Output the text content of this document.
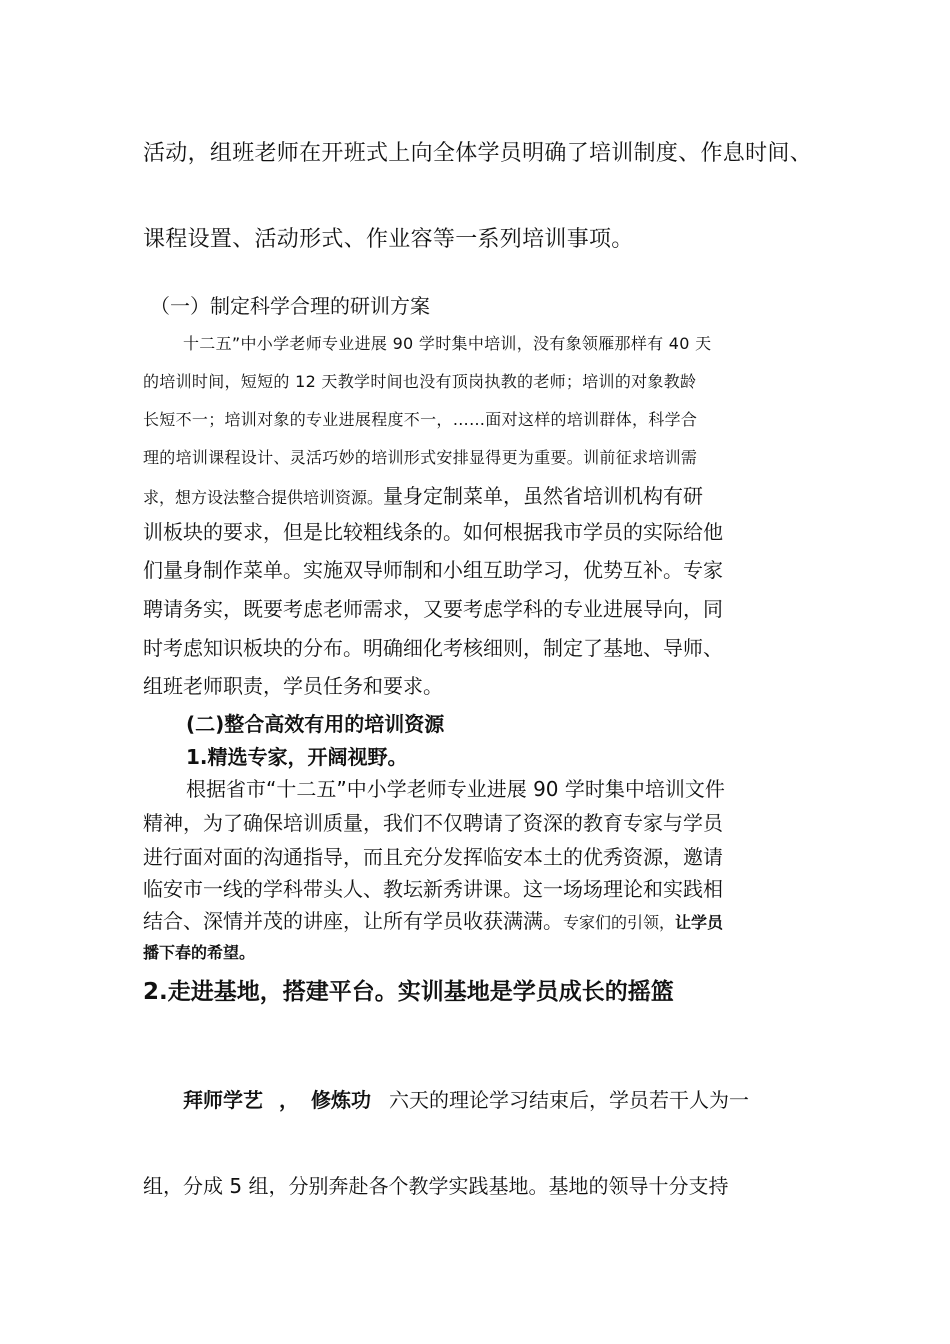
活动，组班老师在开班式上向全体学员明确了培训制度、作息时间、

课程设置、活动形式、作业容等一系列培训事项。

（一）制定科学合理的研训方案

十二五”中小学老师专业进展 90 学时集中培训，没有象领雁那样有 40 天

的培训时间，短短的 12 天教学时间也没有顶岗执教的老师；培训的对象教龄

长短不一；培训对象的专业进展程度不一，……面对这样的培训群体，科学合

理的培训课程设计、灵活巧妙的培训形式安排显得更为重要。训前征求培训需

求，想方设法整合提供培训资源。量身定制菜单，虽然省培训机构有研

训板块的要求，但是比较粗线条的。如何根据我市学员的实际给他

们量身制作菜单。实施双导师制和小组互助学习，优势互补。专家

聘请务实，既要考虑老师需求，又要考虑学科的专业进展导向，同

时考虑知识板块的分布。明确细化考核细则，制定了基地、导师、

组班老师职责，学员任务和要求。

(二)整合高效有用的培训资源

1.精选专家，开阔视野。

根据省市“十二五”中小学老师专业进展 90 学时集中培训文件

精神，为了确保培训质量，我们不仅聘请了资深的教育专家与学员

进行面对面的沟通指导，而且充分发挥临安本土的优秀资源，邀请

临安市一线的学科带头人、教坛新秀讲课。这一场场理论和实践相

结合、深情并茂的讲座，让所有学员收获满满。专家们的引领，让学员

播下春的希望。

2.走进基地，搭建平台。实训基地是学员成长的摇篮

拜师学艺 ， 修炼功 六天的理论学习结束后，学员若干人为一

组，分成 5 组，分别奔赴各个教学实践基地。基地的领导十分支持
